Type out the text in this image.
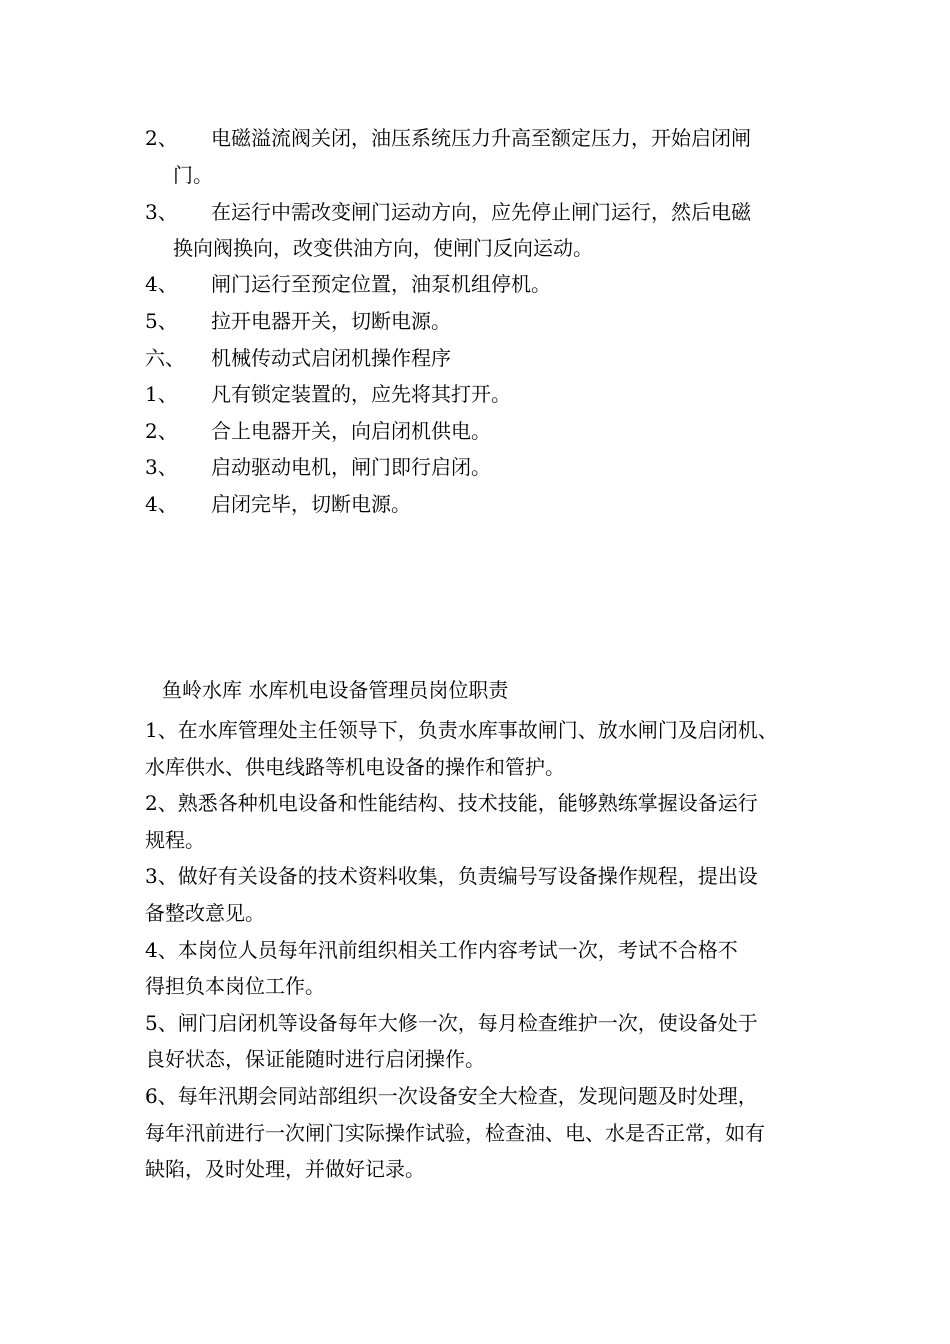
2、 电磁溢流阀关闭，油压系统压力升高至额定压力，开始启闭闸
门。
3、 在运行中需改变闸门运动方向，应先停止闸门运行，然后电磁
换向阀换向，改变供油方向，使闸门反向运动。
4、 闸门运行至预定位置，油泵机组停机。
5、 拉开电器开关，切断电源。
六、 机械传动式启闭机操作程序
1、 凡有锁定装置的，应先将其打开。
2、 合上电器开关，向启闭机供电。
3、 启动驱动电机，闸门即行启闭。
4、 启闭完毕，切断电源。
鱼岭水库 水库机电设备管理员岗位职责
1、在水库管理处主任领导下，负责水库事故闸门、放水闸门及启闭机、
水库供水、供电线路等机电设备的操作和管护。
2、熟悉各种机电设备和性能结构、技术技能，能够熟练掌握设备运行
规程。
3、做好有关设备的技术资料收集，负责编号写设备操作规程，提出设
备整改意见。
4、本岗位人员每年汛前组织相关工作内容考试一次，考试不合格不
得担负本岗位工作。
5、闸门启闭机等设备每年大修一次，每月检查维护一次，使设备处于
良好状态，保证能随时进行启闭操作。
6、每年汛期会同站部组织一次设备安全大检查，发现问题及时处理，
每年汛前进行一次闸门实际操作试验，检查油、电、水是否正常，如有
缺陷，及时处理，并做好记录。
